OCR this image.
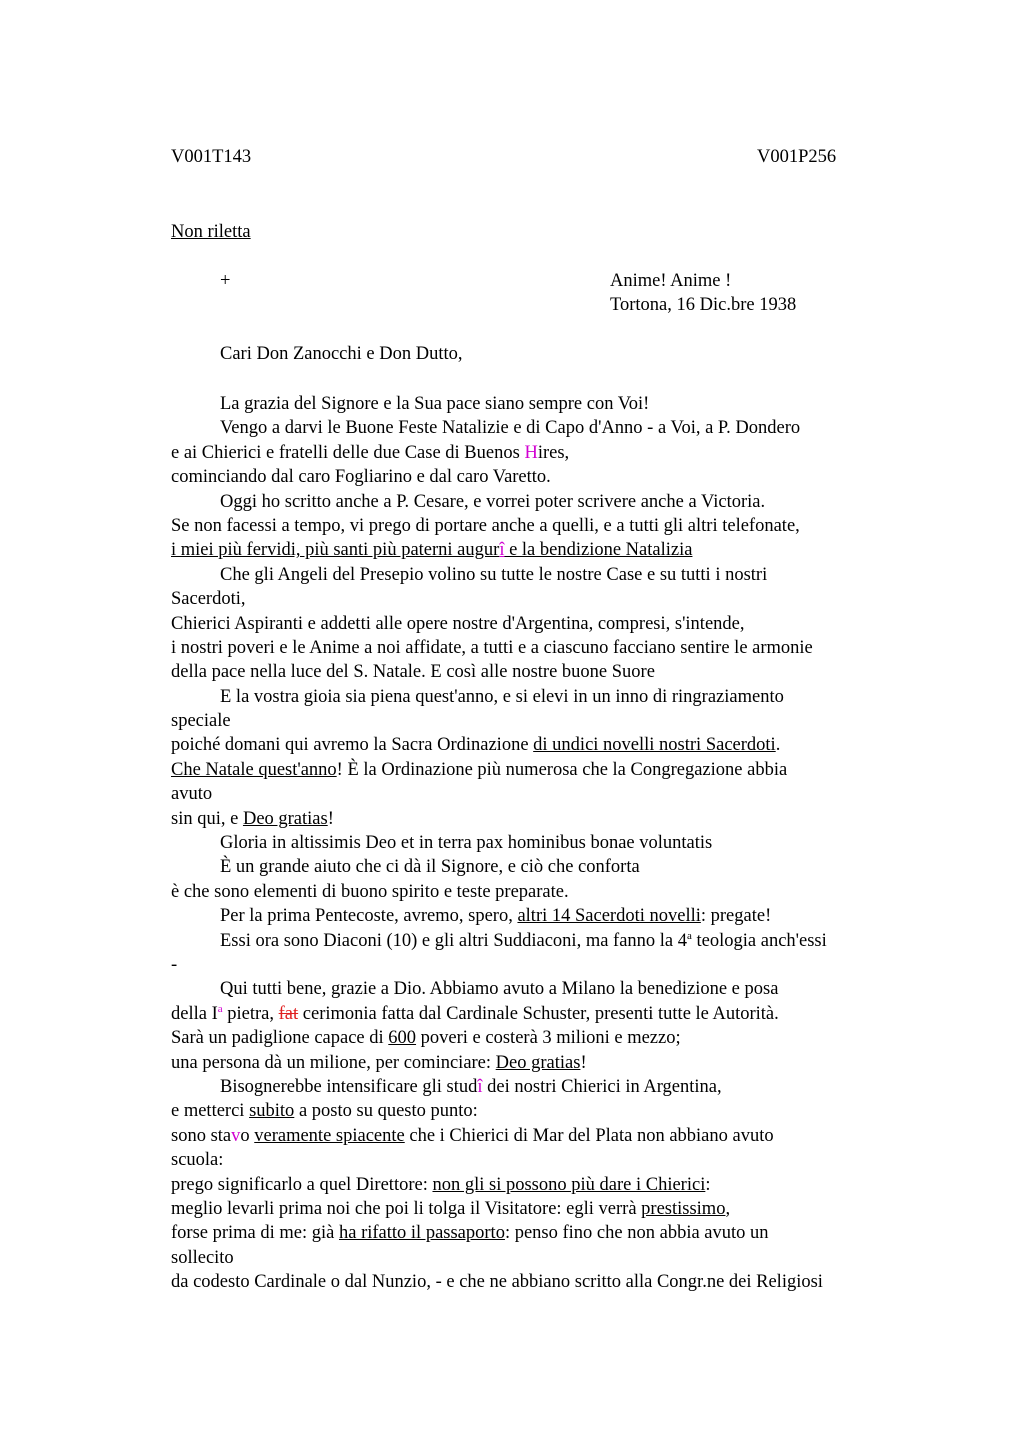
V001T143	V001P256
Non riletta
+	Anime! Anime !
Tortona, 16 Dic.bre 1938
Cari Don Zanocchi e Don Dutto,
La grazia del Signore e la Sua pace siano sempre con Voi!
Vengo a darvi le Buone Feste Natalizie e di Capo d'Anno - a Voi, a P. Dondero
e ai Chierici e fratelli delle due Case di Buenos Hires,
cominciando dal caro Fogliarino e dal caro Varetto.
Oggi ho scritto anche a P. Cesare, e vorrei poter scrivere anche a Victoria.
Se non facessi a tempo, vi prego di portare anche a quelli, e a tutti gli altri telefonate,
i miei più fervidi, più santi più paterni augurî e la bendizione Natalizia
Che gli Angeli del Presepio volino su tutte le nostre Case e su tutti i nostri
Sacerdoti,
Chierici Aspiranti e addetti alle opere nostre d'Argentina, compresi, s'intende,
i nostri poveri e le Anime a noi affidate, a tutti e a ciascuno facciano sentire le armonie
della pace nella luce del S. Natale. E così alle nostre buone Suore
E la vostra gioia sia piena quest'anno, e si elevi in un inno di ringraziamento
speciale
poiché domani qui avremo la Sacra Ordinazione di undici novelli nostri Sacerdoti.
Che Natale quest'anno! È la Ordinazione più numerosa che la Congregazione abbia
avuto
sin qui, e Deo gratias!
Gloria in altissimis Deo et in terra pax hominibus bonae voluntatis
È un grande aiuto che ci dà il Signore, e ciò che conforta
è che sono elementi di buono spirito e teste preparate.
Per la prima Pentecoste, avremo, spero, altri 14 Sacerdoti novelli: pregate!
Essi ora sono Diaconi (10) e gli altri Suddiaconi, ma fanno la 4$^a$ teologia anch'essi
-
Qui tutti bene, grazie a Dio. Abbiamo avuto a Milano la benedizione e posa
della $I^a$ pietra, fat cerimonia fatta dal Cardinale Schuster, presenti tutte le Autorità.
Sarà un padiglione capace di 600 poveri e costerà 3 milioni e mezzo;
una persona dà un milione, per cominciare: Deo gratias!
Bisognerebbe intensificare gli studî dei nostri Chierici in Argentina,
e metterci subito a posto su questo punto:
sono stavo veramente spiacente che i Chierici di Mar del Plata non abbiano avuto
scuola:
prego significarlo a quel Direttore: non gli si possono più dare i Chierici:
meglio levarli prima noi che poi li tolga il Visitatore: egli verrà prestissimo,
forse prima di me: già ha rifatto il passaporto: penso fino che non abbia avuto un
sollecito
da codesto Cardinale o dal Nunzio, - e che ne abbiano scritto alla Congr.ne dei Religiosi
